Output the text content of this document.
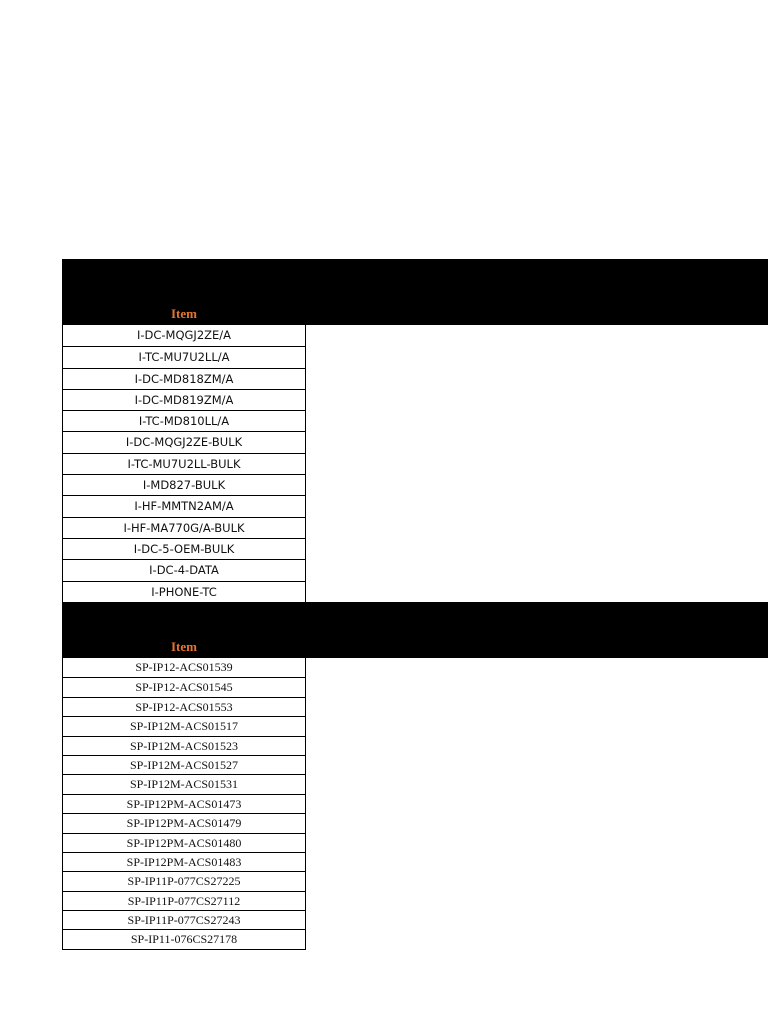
Item
I-DC-MQGJ2ZE/A
I-TC-MU7U2LL/A
I-DC-MD818ZM/A
I-DC-MD819ZM/A
I-TC-MD810LL/A
I-DC-MQGJ2ZE-BULK
I-TC-MU7U2LL-BULK
I-MD827-BULK
I-HF-MMTN2AM/A
I-HF-MA770G/A-BULK
I-DC-5-OEM-BULK
I-DC-4-DATA
I-PHONE-TC
Item
SP-IP12-ACS01539
SP-IP12-ACS01545
SP-IP12-ACS01553
SP-IP12M-ACS01517
SP-IP12M-ACS01523
SP-IP12M-ACS01527
SP-IP12M-ACS01531
SP-IP12PM-ACS01473
SP-IP12PM-ACS01479
SP-IP12PM-ACS01480
SP-IP12PM-ACS01483
SP-IP11P-077CS27225
SP-IP11P-077CS27112
SP-IP11P-077CS27243
SP-IP11-076CS27178
